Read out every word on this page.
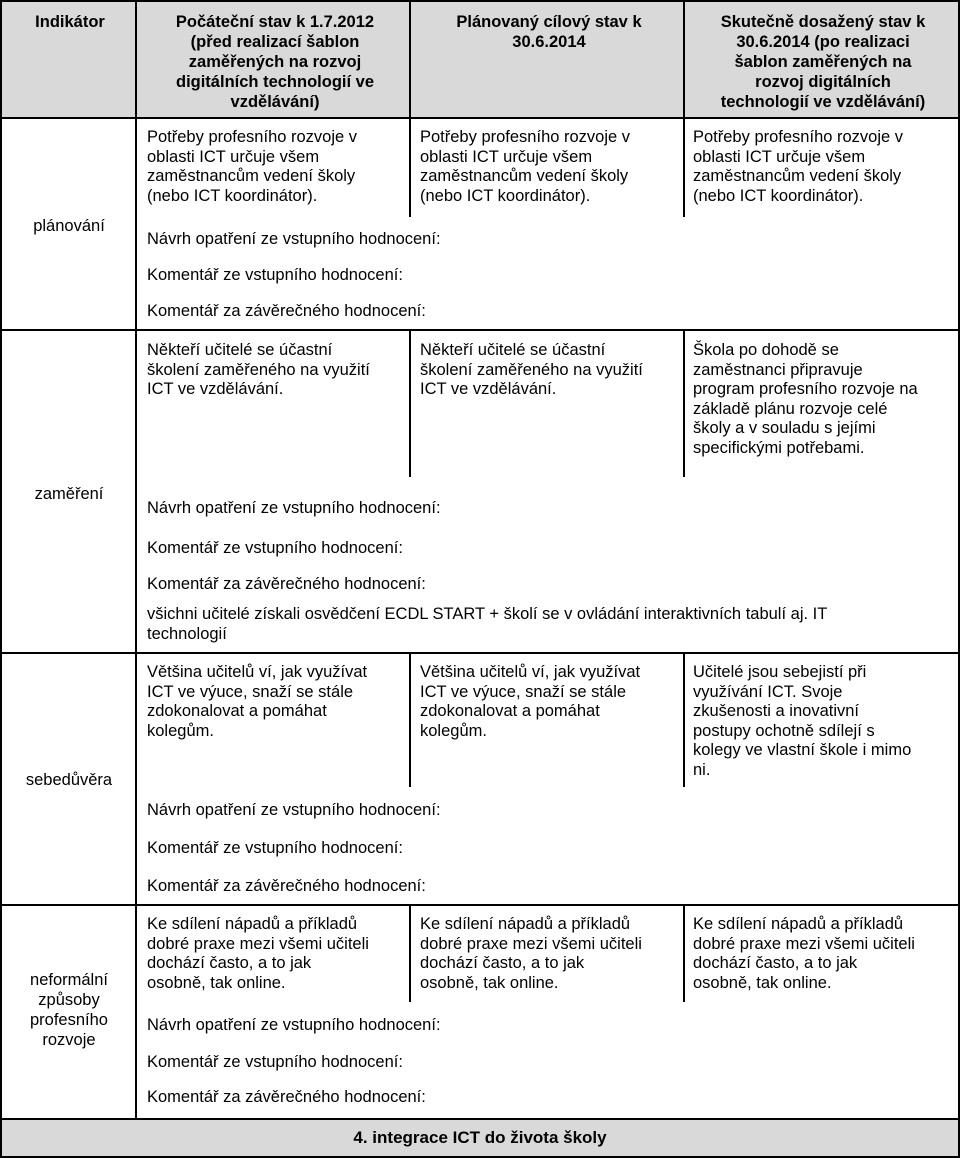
Indikátor	Počáteční stav k 1.7.2012
(před realizací šablon
zaměřených na rozvoj
digitálních technologií ve
vzdělávání)
Plánovaný cílový stav k
30.6.2014
Skutečně dosažený stav k
30.6.2014 (po realizaci
šablon zaměřených na
rozvoj digitálních
technologií ve vzdělávání)
plánování
Potřeby profesního rozvoje v
oblasti ICT určuje všem
zaměstnancům vedení školy
(nebo ICT koordinátor).
Potřeby profesního rozvoje v
oblasti ICT určuje všem
zaměstnancům vedení školy
(nebo ICT koordinátor).
Potřeby profesního rozvoje v
oblasti ICT určuje všem
zaměstnancům vedení školy
(nebo ICT koordinátor).
Návrh opatření ze vstupního hodnocení:
Komentář ze vstupního hodnocení:
Komentář za závěrečného hodnocení:
zaměření
Někteří učitelé se účastní
školení zaměřeného na využití
ICT ve vzdělávání.
Někteří učitelé se účastní
školení zaměřeného na využití
ICT ve vzdělávání.
Škola po dohodě se
zaměstnanci připravuje
program profesního rozvoje na
základě plánu rozvoje celé
školy a v souladu s jejími
specifickými potřebami.
Návrh opatření ze vstupního hodnocení:
Komentář ze vstupního hodnocení:
Komentář za závěrečného hodnocení:
všichni učitelé získali osvědčení ECDL START + školí se v ovládání interaktivních tabulí aj. IT
technologií
sebedůvěra
Většina učitelů ví, jak využívat
ICT ve výuce, snaží se stále
zdokonalovat a pomáhat
kolegům.
Většina učitelů ví, jak využívat
ICT ve výuce, snaží se stále
zdokonalovat a pomáhat
kolegům.
Učitelé jsou sebejistí při
využívání ICT. Svoje
zkušenosti a inovativní
postupy ochotně sdílejí s
kolegy ve vlastní škole i mimo
ni.
Návrh opatření ze vstupního hodnocení:
Komentář ze vstupního hodnocení:
Komentář za závěrečného hodnocení:
neformální
způsoby
profesního
rozvoje
Ke sdílení nápadů a příkladů
dobré praxe mezi všemi učiteli
dochází často, a to jak
osobně, tak online.
Ke sdílení nápadů a příkladů
dobré praxe mezi všemi učiteli
dochází často, a to jak
osobně, tak online.
Ke sdílení nápadů a příkladů
dobré praxe mezi všemi učiteli
dochází často, a to jak
osobně, tak online.
Návrh opatření ze vstupního hodnocení:
Komentář ze vstupního hodnocení:
Komentář za závěrečného hodnocení:
4. integrace ICT do života školy
